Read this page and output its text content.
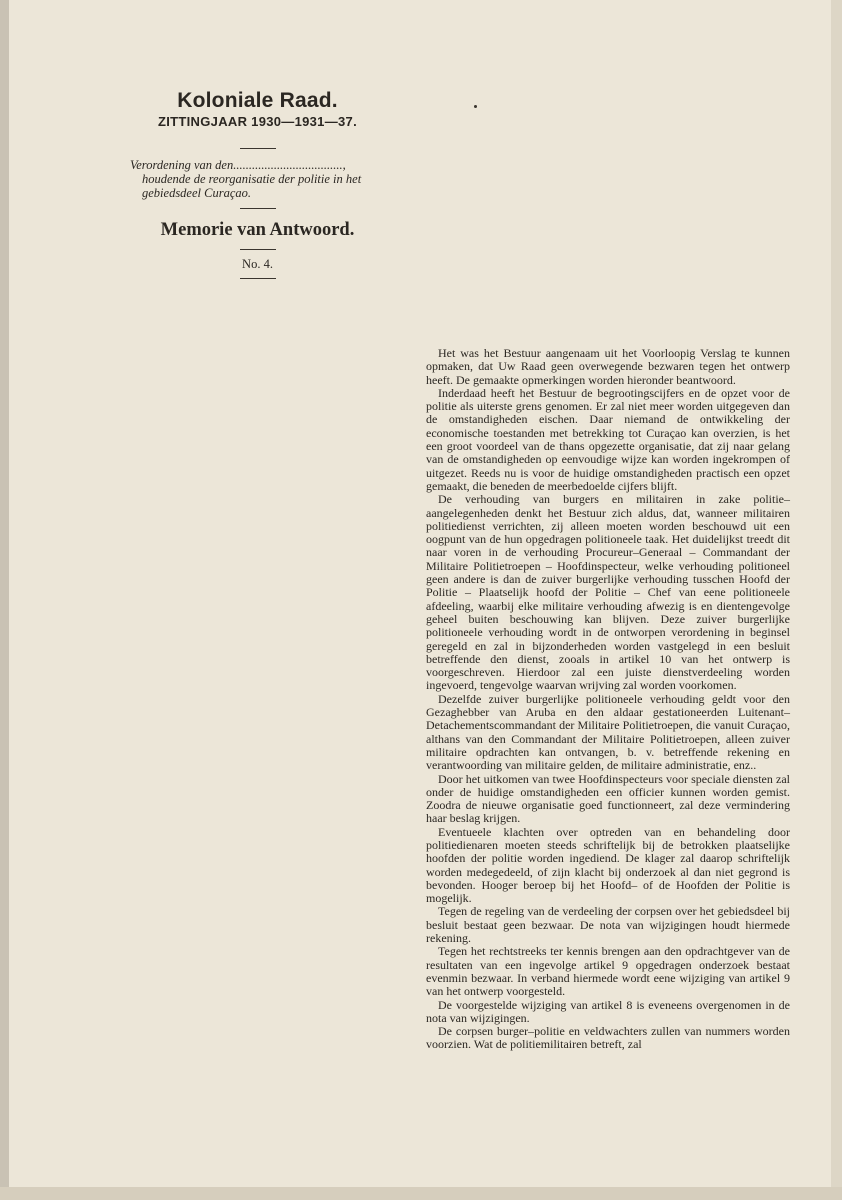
Koloniale Raad.
ZITTINGJAAR 1930—1931—37.
Verordening van den...................................,
houdende de reorganisatie der politie in het
gebiedsdeel Curaçao.
Memorie van Antwoord.
No. 4.

Het was het Bestuur aangenaam uit het Voorloopig Verslag te kunnen opmaken, dat Uw Raad geen overwegende bezwaren tegen het ontwerp heeft. De gemaakte opmerkingen worden hieronder beantwoord.

Inderdaad heeft het Bestuur de begrootingscijfers en de opzet voor de politie als uiterste grens genomen. Er zal niet meer worden uitgegeven dan de omstandigheden eischen. Daar niemand de ontwikkeling der economische toestanden met betrekking tot Curaçao kan overzien, is het een groot voordeel van de thans opgezette organisatie, dat zij naar gelang van de omstandigheden op eenvoudige wijze kan worden ingekrompen of uitgezet. Reeds nu is voor de huidige omstandigheden practisch een opzet gemaakt, die beneden de meerbedoelde cijfers blijft.

De verhouding van burgers en militairen in zake politie–aangelegenheden denkt het Bestuur zich aldus, dat, wanneer militairen politiedienst verrichten, zij alleen moeten worden beschouwd uit een oogpunt van de hun opgedragen politioneele taak. Het duidelijkst treedt dit naar voren in de verhouding Procureur–Generaal – Commandant der Militaire Politietroepen – Hoofdinspecteur, welke verhouding politioneel geen andere is dan de zuiver burgerlijke verhouding tusschen Hoofd der Politie – Plaatselijk hoofd der Politie – Chef van eene politioneele afdeeling, waarbij elke militaire verhouding afwezig is en dientengevolge geheel buiten beschouwing kan blijven. Deze zuiver burgerlijke politioneele verhouding wordt in de ontworpen verordening in beginsel geregeld en zal in bijzonderheden worden vastgelegd in een besluit betreffende den dienst, zooals in artikel 10 van het ontwerp is voorgeschreven. Hierdoor zal een juiste dienstverdeeling worden ingevoerd, tengevolge waarvan wrijving zal worden voorkomen.

Dezelfde zuiver burgerlijke politioneele verhouding geldt voor den Gezaghebber van Aruba en den aldaar gestationeerden Luitenant–Detachementscommandant der Militaire Politietroepen, die vanuit Curaçao, althans van den Commandant der Militaire Politietroepen, alleen zuiver militaire opdrachten kan ontvangen, b. v. betreffende rekening en verantwoording van militaire gelden, de militaire administratie, enz..

Door het uitkomen van twee Hoofdinspecteurs voor speciale diensten zal onder de huidige omstandigheden een officier kunnen worden gemist. Zoodra de nieuwe organisatie goed functionneert, zal deze vermindering haar beslag krijgen.

Eventueele klachten over optreden van en behandeling door politiedienaren moeten steeds schriftelijk bij de betrokken plaatselijke hoofden der politie worden ingediend. De klager zal daarop schriftelijk worden medegedeeld, of zijn klacht bij onderzoek al dan niet gegrond is bevonden. Hooger beroep bij het Hoofd– of de Hoofden der Politie is mogelijk.

Tegen de regeling van de verdeeling der corpsen over het gebiedsdeel bij besluit bestaat geen bezwaar. De nota van wijzigingen houdt hiermede rekening.

Tegen het rechtstreeks ter kennis brengen aan den opdrachtgever van de resultaten van een ingevolge artikel 9 opgedragen onderzoek bestaat evenmin bezwaar. In verband hiermede wordt eene wijziging van artikel 9 van het ontwerp voorgesteld.

De voorgestelde wijziging van artikel 8 is eveneens overgenomen in de nota van wijzigingen.

De corpsen burger–politie en veldwachters zullen van nummers worden voorzien. Wat de politiemilitairen betreft, zal
